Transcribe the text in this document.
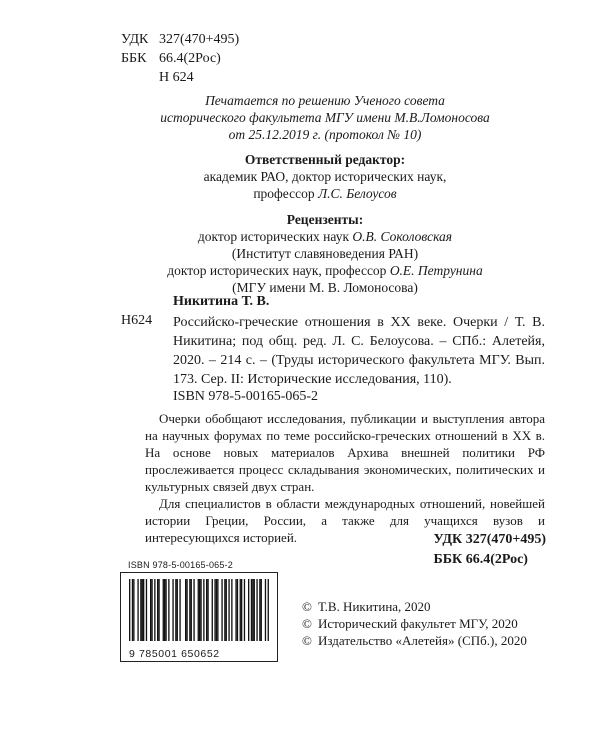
УДК 327(470+495)
ББК 66.4(2Рос)
Н 624
Печатается по решению Ученого совета
исторического факультета МГУ имени М.В.Ломоносова
от 25.12.2019 г. (протокол № 10)
Ответственный редактор:
академик РАО, доктор исторических наук,
профессор Л.С. Белоусов
Рецензенты:
доктор исторических наук О.В. Соколовская
(Институт славяноведения РАН)
доктор исторических наук, профессор О.Е. Петрунина
(МГУ имени М. В. Ломоносова)
Никитина Т. В.
Н624 Российско-греческие отношения в XX веке. Очерки / Т. В. Никитина; под общ. ред. Л. С. Белоусова. – СПб.: Алетейя, 2020. – 214 с. – (Труды исторического факультета МГУ. Вып. 173. Сер. II: Исторические исследования, 110).
ISBN 978-5-00165-065-2

Очерки обобщают исследования, публикации и выступления автора на научных форумах по теме российско-греческих отношений в XX в. На основе новых материалов Архива внешней политики РФ прослеживается процесс складывания экономических, политических и культурных связей двух стран.

Для специалистов в области международных отношений, новейшей истории Греции, России, а также для учащихся вузов и интересующихся историей.	УДК 327(470+495)
ББК 66.4(2Рос)
ISBN 978-5-00165-065-2
9 785001 650652
© Т.В. Никитина, 2020
© Исторический факультет МГУ, 2020
© Издательство «Алетейя» (СПб.), 2020
